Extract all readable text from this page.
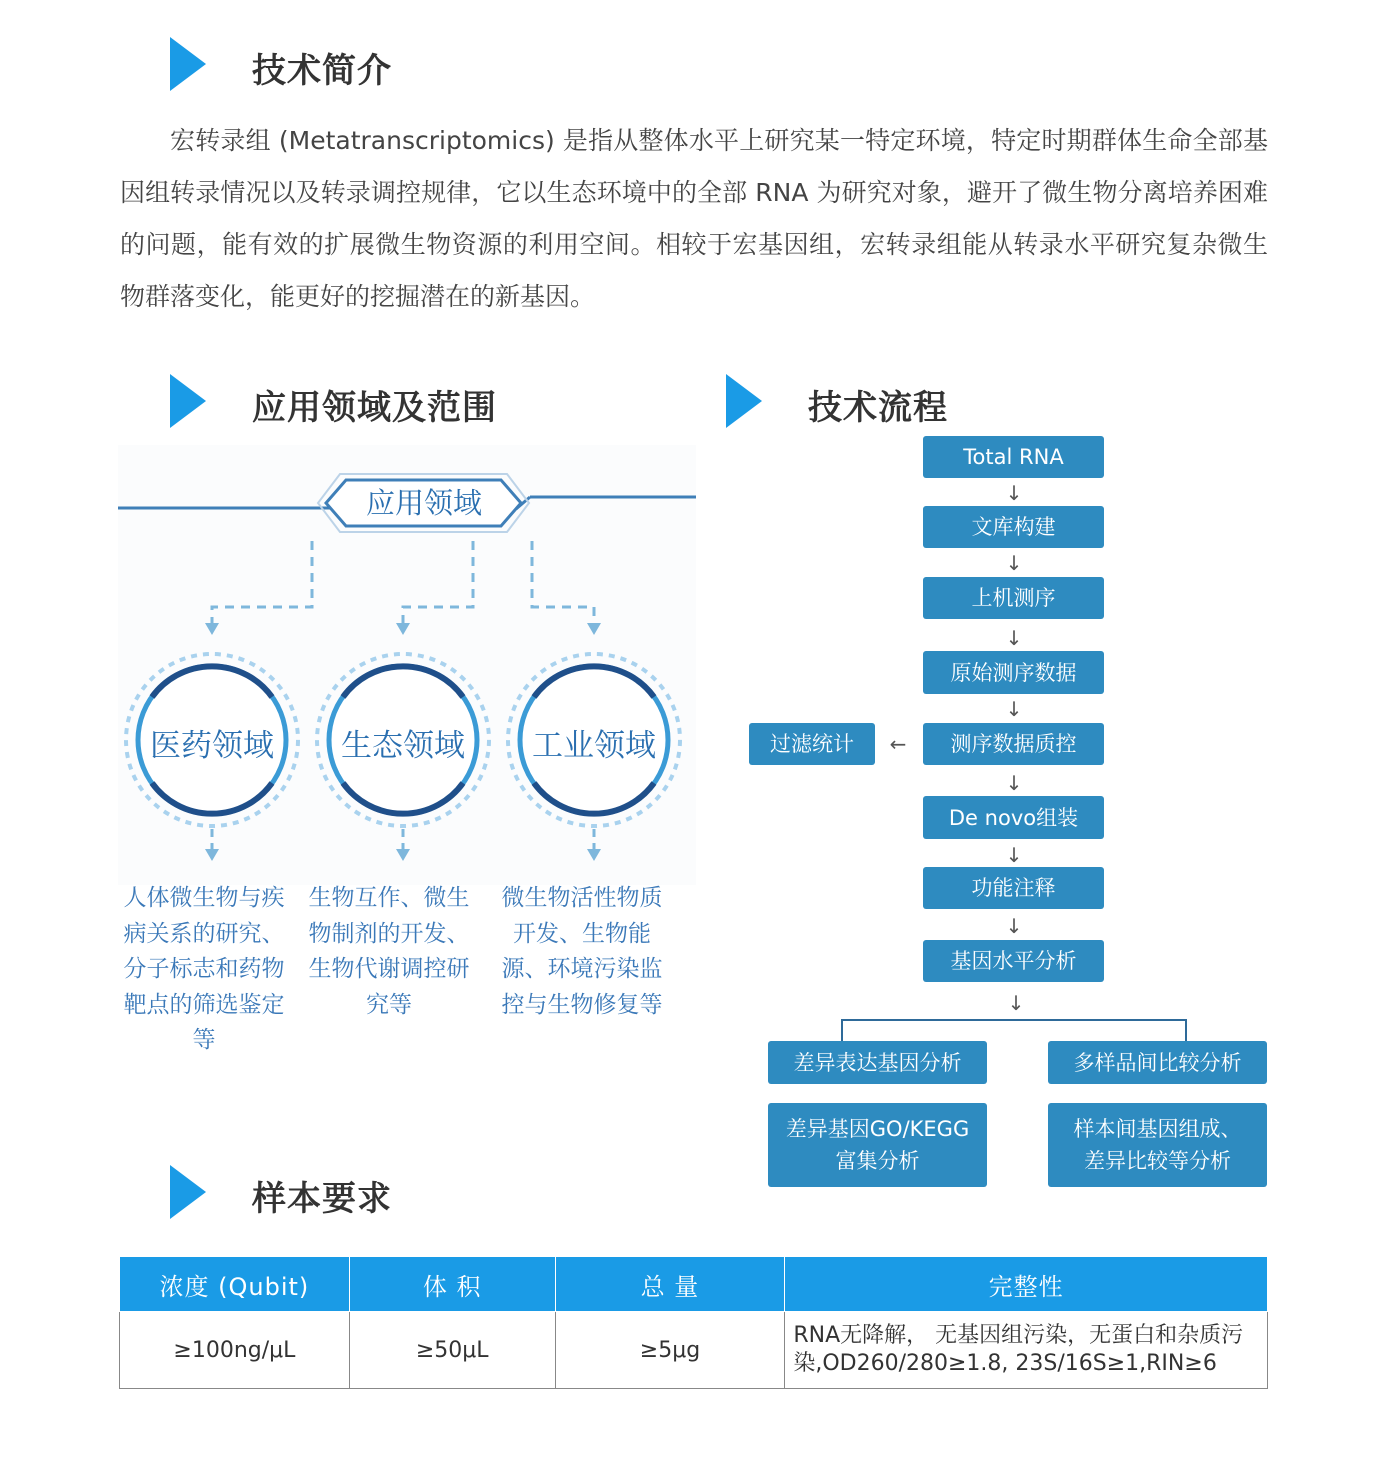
技术简介

宏转录组 (Metatranscriptomics) 是指从整体水平上研究某一特定环境，特定时期群体生命全部基因组转录情况以及转录调控规律，它以生态环境中的全部 RNA 为研究对象，避开了微生物分离培养困难的问题，能有效的扩展微生物资源的利用空间。相较于宏基因组，宏转录组能从转录水平研究复杂微生物群落变化，能更好的挖掘潜在的新基因。

应用领域及范围
应用领域
医药领域	生态领域	工业领域
人体微生物与疾病关系的研究、分子标志和药物靶点的筛选鉴定等
生物互作、微生物制剂的开发、生物代谢调控研究等
微生物活性物质开发、生物能源、环境污染监控与生物修复等
技术流程
Total RNA
↓
文库构建
↓
上机测序
↓
原始测序数据
↓
测序数据质控
过滤统计	←
↓
De novo组装
↓
功能注释
↓
基因水平分析
↓
差异表达基因分析	多样品间比较分析
差异基因GO/KEGG
富集分析
样本间基因组成、
差异比较等分析
样本要求
浓度 (Qubit)	体 积	总 量	完整性
≥100ng/μL	≥50μL	≥5μg	RNA无降解， 无基因组污染，无蛋白和杂质污染,OD260/280≥1.8, 23S/16S≥1,RIN≥6
